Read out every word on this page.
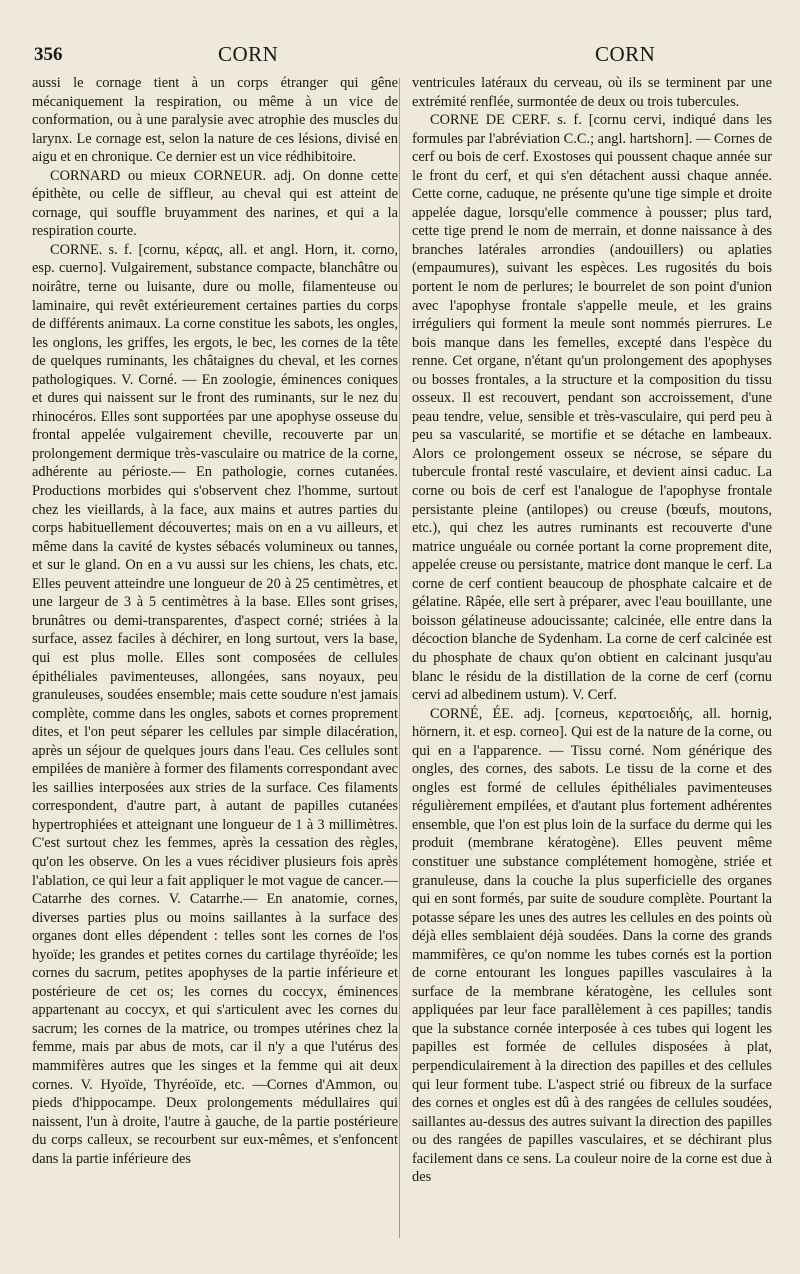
356	CORN	CORN

aussi le cornage tient à un corps étranger qui gêne mécaniquement la respiration, ou même à un vice de conformation, ou à une paralysie avec atrophie des muscles du larynx. Le cornage est, selon la nature de ces lésions, divisé en aigu et en chronique. Ce dernier est un vice rédhibitoire.

CORNARD ou mieux CORNEUR. adj. On donne cette épithète, ou celle de siffleur, au cheval qui est atteint de cornage, qui souffle bruyamment des narines, et qui a la respiration courte.

CORNE. s. f. [cornu, κέρας, all. et angl. Horn, it. corno, esp. cuerno]. Vulgairement, substance compacte, blanchâtre ou noirâtre, terne ou luisante, dure ou molle, filamenteuse ou laminaire, qui revêt extérieurement certaines parties du corps de différents animaux. La corne constitue les sabots, les ongles, les onglons, les griffes, les ergots, le bec, les cornes de la tête de quelques ruminants, les châtaignes du cheval, et les cornes pathologiques. V. Corné. — En zoologie, éminences coniques et dures qui naissent sur le front des ruminants, sur le nez du rhinocéros. Elles sont supportées par une apophyse osseuse du frontal appelée vulgairement cheville, recouverte par un prolongement dermique très-vasculaire ou matrice de la corne, adhérente au périoste.— En pathologie, cornes cutanées. Productions morbides qui s'observent chez l'homme, surtout chez les vieillards, à la face, aux mains et autres parties du corps habituellement découvertes; mais on en a vu ailleurs, et même dans la cavité de kystes sébacés volumineux ou tannes, et sur le gland. On en a vu aussi sur les chiens, les chats, etc. Elles peuvent atteindre une longueur de 20 à 25 centimètres, et une largeur de 3 à 5 centimètres à la base. Elles sont grises, brunâtres ou demi-transparentes, d'aspect corné; striées à la surface, assez faciles à déchirer, en long surtout, vers la base, qui est plus molle. Elles sont composées de cellules épithéliales pavimenteuses, allongées, sans noyaux, peu granuleuses, soudées ensemble; mais cette soudure n'est jamais complète, comme dans les ongles, sabots et cornes proprement dites, et l'on peut séparer les cellules par simple dilacération, après un séjour de quelques jours dans l'eau. Ces cellules sont empilées de manière à former des filaments correspondant avec les saillies interposées aux stries de la surface. Ces filaments correspondent, d'autre part, à autant de papilles cutanées hypertrophiées et atteignant une longueur de 1 à 3 millimètres. C'est surtout chez les femmes, après la cessation des règles, qu'on les observe. On les a vues récidiver plusieurs fois après l'ablation, ce qui leur a fait appliquer le mot vague de cancer.— Catarrhe des cornes. V. Catarrhe.— En anatomie, cornes, diverses parties plus ou moins saillantes à la surface des organes dont elles dépendent : telles sont les cornes de l'os hyoïde; les grandes et petites cornes du cartilage thyréoïde; les cornes du sacrum, petites apophyses de la partie inférieure et postérieure de cet os; les cornes du coccyx, éminences appartenant au coccyx, et qui s'articulent avec les cornes du sacrum; les cornes de la matrice, ou trompes utérines chez la femme, mais par abus de mots, car il n'y a que l'utérus des mammifères autres que les singes et la femme qui ait deux cornes. V. Hyoïde, Thyréoïde, etc. —Cornes d'Ammon, ou pieds d'hippocampe. Deux prolongements médullaires qui naissent, l'un à droite, l'autre à gauche, de la partie postérieure du corps calleux, se recourbent sur eux-mêmes, et s'enfoncent dans la partie inférieure des

ventricules latéraux du cerveau, où ils se terminent par une extrémité renflée, surmontée de deux ou trois tubercules.

CORNE DE CERF. s. f. [cornu cervi, indiqué dans les formules par l'abréviation C.C.; angl. hartshorn]. — Cornes de cerf ou bois de cerf. Exostoses qui poussent chaque année sur le front du cerf, et qui s'en détachent aussi chaque année. Cette corne, caduque, ne présente qu'une tige simple et droite appelée dague, lorsqu'elle commence à pousser; plus tard, cette tige prend le nom de merrain, et donne naissance à des branches latérales arrondies (andouillers) ou aplaties (empaumures), suivant les espèces. Les rugosités du bois portent le nom de perlures; le bourrelet de son point d'union avec l'apophyse frontale s'appelle meule, et les grains irréguliers qui forment la meule sont nommés pierrures. Le bois manque dans les femelles, excepté dans l'espèce du renne. Cet organe, n'étant qu'un prolongement des apophyses ou bosses frontales, a la structure et la composition du tissu osseux. Il est recouvert, pendant son accroissement, d'une peau tendre, velue, sensible et très-vasculaire, qui perd peu à peu sa vascularité, se mortifie et se détache en lambeaux. Alors ce prolongement osseux se nécrose, se sépare du tubercule frontal resté vasculaire, et devient ainsi caduc. La corne ou bois de cerf est l'analogue de l'apophyse frontale persistante pleine (antilopes) ou creuse (bœufs, moutons, etc.), qui chez les autres ruminants est recouverte d'une matrice unguéale ou cornée portant la corne proprement dite, appelée creuse ou persistante, matrice dont manque le cerf. La corne de cerf contient beaucoup de phosphate calcaire et de gélatine. Râpée, elle sert à préparer, avec l'eau bouillante, une boisson gélatineuse adoucissante; calcinée, elle entre dans la décoction blanche de Sydenham. La corne de cerf calcinée est du phosphate de chaux qu'on obtient en calcinant jusqu'au blanc le résidu de la distillation de la corne de cerf (cornu cervi ad albedinem ustum). V. Cerf.

CORNÉ, ÉE. adj. [corneus, κερατοειδής, all. hornig, hörnern, it. et esp. corneo]. Qui est de la nature de la corne, ou qui en a l'apparence. — Tissu corné. Nom générique des ongles, des cornes, des sabots. Le tissu de la corne et des ongles est formé de cellules épithéliales pavimenteuses régulièrement empilées, et d'autant plus fortement adhérentes ensemble, que l'on est plus loin de la surface du derme qui les produit (membrane kératogène). Elles peuvent même constituer une substance complétement homogène, striée et granuleuse, dans la couche la plus superficielle des organes qui en sont formés, par suite de soudure complète. Pourtant la potasse sépare les unes des autres les cellules en des points où déjà elles semblaient déjà soudées. Dans la corne des grands mammifères, ce qu'on nomme les tubes cornés est la portion de corne entourant les longues papilles vasculaires à la surface de la membrane kératogène, les cellules sont appliquées par leur face parallèlement à ces papilles; tandis que la substance cornée interposée à ces tubes qui logent les papilles est formée de cellules disposées à plat, perpendiculairement à la direction des papilles et des cellules qui leur forment tube. L'aspect strié ou fibreux de la surface des cornes et ongles est dû à des rangées de cellules soudées, saillantes au-dessus des autres suivant la direction des papilles ou des rangées de papilles vasculaires, et se déchirant plus facilement dans ce sens. La couleur noire de la corne est due à des
